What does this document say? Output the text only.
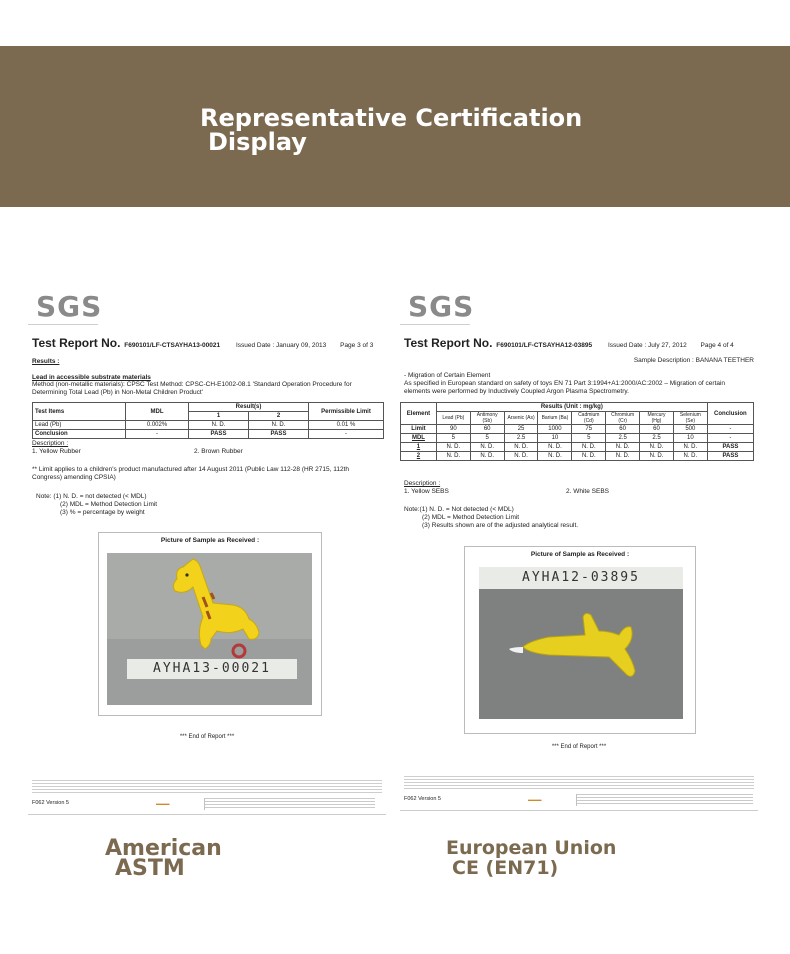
Representative Certification
Display
SGS
Test Report No. F690101/LF-CTSAYHA13-00021 Issued Date : January 09, 2013 Page 3 of 3
Results :
Lead in accessible substrate materials
Method (non-metallic materials): CPSC Test Method: CPSC-CH-E1002-08.1 'Standard Operation Procedure for
Determining Total Lead (Pb) in Non-Metal Children Product'
Test Items	MDL	Result(s)		Permissible Limit
		1	2	
Lead (Pb)	0.002%	N. D.	N. D.	0.01 %
Conclusion	-	PASS	PASS	-
Description :
1. Yellow Rubber	2. Brown Rubber
** Limit applies to a children's product manufactured after 14 August 2011 (Public Law 112-28 (HR 2715, 112th
Congress) amending CPSIA)
Note: (1) N. D. = not detected (< MDL)
(2) MDL = Method Detection Limit
(3) % = percentage by weight
Picture of Sample as Received :
AYHA13-00021
*** End of Report ***
F062 Version 5	▬▬▬
SGS
Test Report No. F690101/LF-CTSAYHA12-03895 Issued Date : July 27, 2012 Page 4 of 4
Sample Description : BANANA TEETHER
- Migration of Certain Element
As specified in European standard on safety of toys EN 71 Part 3:1994+A1:2000/AC:2002 – Migration of certain
elements were performed by Inductively Coupled Argon Plasma Spectrometry.
Element	Results (Unit : mg/kg)								Conclusion
	Lead (Pb)	Antimony (Sb)	Arsenic (As)	Barium (Ba)	Cadmium (Cd)	Chromium (Cr)	Mercury (Hg)	Selenium (Se)	
Limit	90	60	25	1000	75	60	60	500	-
MDL	5	5	2.5	10	5	2.5	2.5	10	-
1	N. D.	N. D.	N. D.	N. D.	N. D.	N. D.	N. D.	N. D.	PASS
2	N. D.	N. D.	N. D.	N. D.	N. D.	N. D.	N. D.	N. D.	PASS
Description :
1. Yellow SEBS	2. White SEBS
Note:(1) N. D. = Not detected (< MDL)
(2) MDL = Method Detection Limit
(3) Results shown are of the adjusted analytical result.
Picture of Sample as Received :
AYHA12-03895
*** End of Report ***
F062 Version 5	▬▬▬
American
ASTM
European Union
CE (EN71)
